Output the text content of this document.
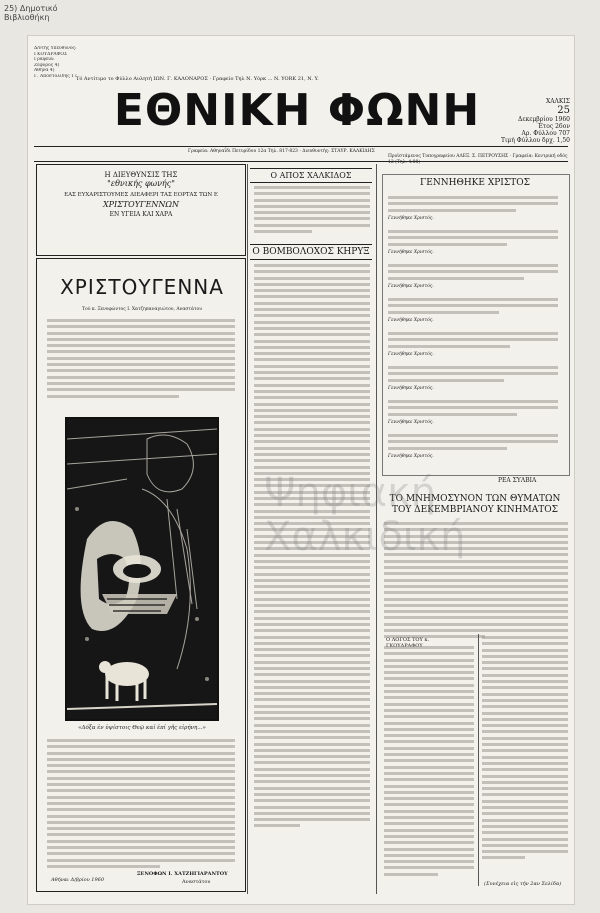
25) Δημοτικό
Βιβλιοθήκη
Δ/ντής Υπεύθυνος:
ΓΚΟΥΔΡΑΦΟΣ
Γραφεία:
Ζέφυρος 4)
Αθηνά 4)
Γ. Αποστολίδης 17 Τό Αντίτιμο το Φύλλο Αυλητή ΙΩΝ. Γ. ΚΑΛΟΝΑΡΟΣ · Γραφείο Τηλ Ν. Υόρκ ... N. YORK 21, N. Y.
ΕΘΝΙΚΗ ΦΩΝΗ	ΧΑΛΚΙΣ
25
Δεκεμβρίου 1960
Έτος 26ον
Αρ. Φύλλου 707
Τιμή Φύλλου δρχ. 1,50
Γραφεία: Αθηναΐδι Πετυρίδου 12α Τηλ. 817-823 · Διευθυντής: ΣΤΑΥΡ. ΚΑΛΚΙΔΗΣ
Προϊστάμενος Τυπογραφείου ΑΛΕΞ. Σ. ΠΕΤΡΟΥΣΗΣ · Γραφεία: Κεντρική οδός 12 (Τηλ. 4.08)
Η ΔΙΕΥΘΥΝΣΙΣ ΤΗΣ
"εθνικής φωνής"
ΕΑΣ ΕΥΧΑΡΙΣΤΟΥΜΕΣ ΔΙΕΑΦΕΡΙ ΤΑΣ ΕΟΡΤΑΣ ΤΩΝ Ε
ΧΡΙΣΤΟΥΓΕΝΝΩΝ
ΕΝ ΥΓΕΙΑ ΚΑΙ ΧΑΡΑ
ΧΡΙΣΤΟΥΓΕΝΝΑ
Τού κ. Ξενοφώντος Ι. Χατζηπαναγιώτου, Αναστάτου
«Δόξα ἐν ὑψίστοις Θεῷ καί ἐπί γῆς εἰρήνη...»
ΞΕΝΟΦΩΝ Ι. ΧΑΤΖΗΓΙΑΡΑΝΤΟΥ
Αναστάτου
Αθήναι Δ/βρίου 1960
Ο ΑΠΟΣ ΧΑΛΚΙΔΟΣ
Ο ΒΟΜΒΟΛΟΧΟΣ ΚΗΡΥΞ
ΓΕΝΝΗΘΗΚΕ ΧΡΙΣΤΟΣ
Γεννήθηκε Χριστός.
Γεννήθηκε Χριστός.
Γεννήθηκε Χριστός.
Γεννήθηκε Χριστός.
Γεννήθηκε Χριστός.
Γεννήθηκε Χριστός.
Γεννήθηκε Χριστός.
Γεννήθηκε Χριστός.
ΡΕΑ ΣΥΛΒΙΑ
ΤΟ ΜΝΗΜΟΣΥΝΟΝ ΤΩΝ ΘΥΜΑΤΩΝ
ΤΟΥ ΔΕΚΕΜΒΡΙΑΝΟΥ ΚΙΝΗΜΑΤΟΣ
Ο ΛΟΓΟΣ ΤΟΥ κ.
(Συνέχεια εἰς τήν 2αν Σελίδα)
Ψηφιακή
Χαλκιδική
